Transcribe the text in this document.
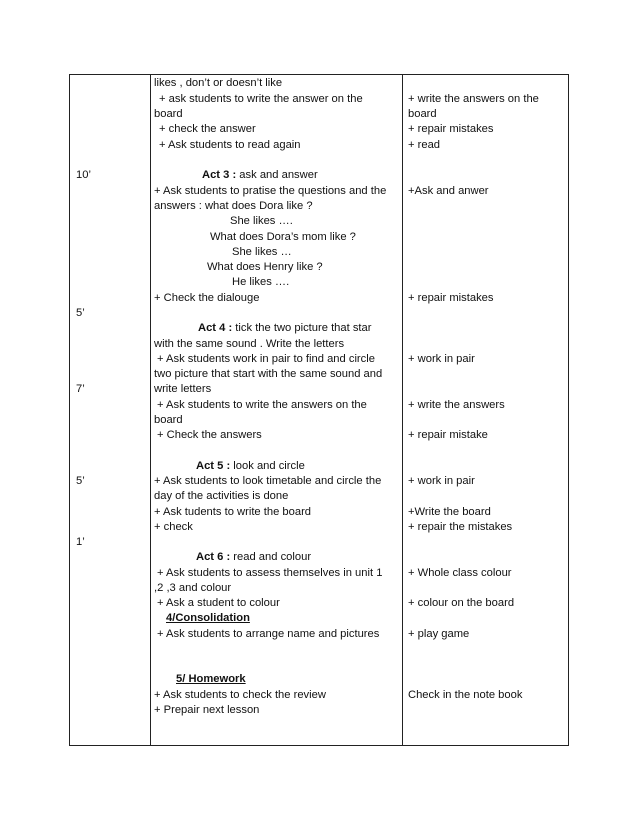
10’
5’
7’
5’
1’
likes , don’t or doesn’t like
+ ask students to write the answer on the
board
+ check the answer
+ Ask students to read again
Act 3 : ask and answer
+ Ask students to pratise the questions and the
answers : what does Dora like ?
She likes ….
What does Dora’s mom like ?
She likes …
What does Henry like ?
He likes ….
+ Check the dialouge
Act 4 : tick the two picture that star
with the same sound . Write the letters
+ Ask students work in pair to find and circle
two picture that start with the same sound and
write letters
+ Ask students to write the answers on the
board
+ Check the answers
Act 5 : look and circle
+ Ask students to look timetable and circle the
day of the activities is done
+ Ask tudents to write the board
+ check
Act 6 : read and colour
+ Ask students to assess themselves in unit 1
,2 ,3 and colour
+ Ask a student to colour
4/Consolidation
+ Ask students to arrange name and pictures
5/ Homework
+ Ask students to check the review
+ Prepair next lesson
+ write the answers on the
board
+ repair mistakes
+ read
+Ask and anwer
+ repair mistakes
+ work in pair
+ write the answers
+ repair mistake
+ work in pair
+Write the board
+ repair the mistakes
+ Whole class colour
+ colour on the board
+ play game
Check in the note book
